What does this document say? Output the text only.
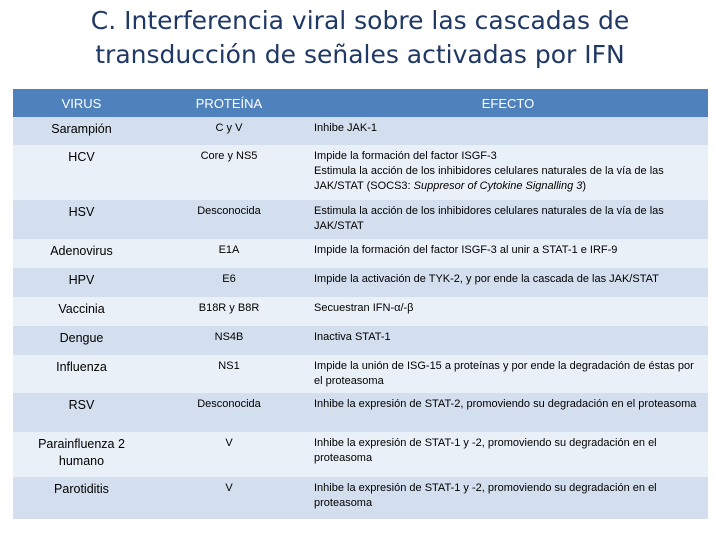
C. Interferencia viral sobre las cascadas de
transducción de señales activadas por IFN
VIRUS	PROTEÍNA	EFECTO
Sarampión	C y V	Inhibe JAK-1
HCV	Core y NS5	Impide la formación del factor ISGF-3
Estimula la acción de los inhibidores celulares naturales de la vía de las JAK/STAT (SOCS3: Suppresor of Cytokine Signalling 3)
HSV	Desconocida	Estimula la acción de los inhibidores celulares naturales de la vía de las JAK/STAT
Adenovirus	E1A	Impide la formación del factor ISGF-3 al unir a STAT-1 e IRF-9
HPV	E6	Impide la activación de TYK-2, y por ende la cascada de las JAK/STAT
Vaccinia	B18R y B8R	Secuestran IFN-α/-β
Dengue	NS4B	Inactiva STAT-1
Influenza	NS1	Impide la unión de ISG-15 a proteínas y por ende la degradación de éstas por el proteasoma
RSV	Desconocida	Inhibe la expresión de STAT-2, promoviendo su degradación en el proteasoma
Parainfluenza 2 humano	V	Inhibe la expresión de STAT-1 y -2, promoviendo su degradación en el proteasoma
Parotiditis	V	Inhibe la expresión de STAT-1 y -2, promoviendo su degradación en el proteasoma
